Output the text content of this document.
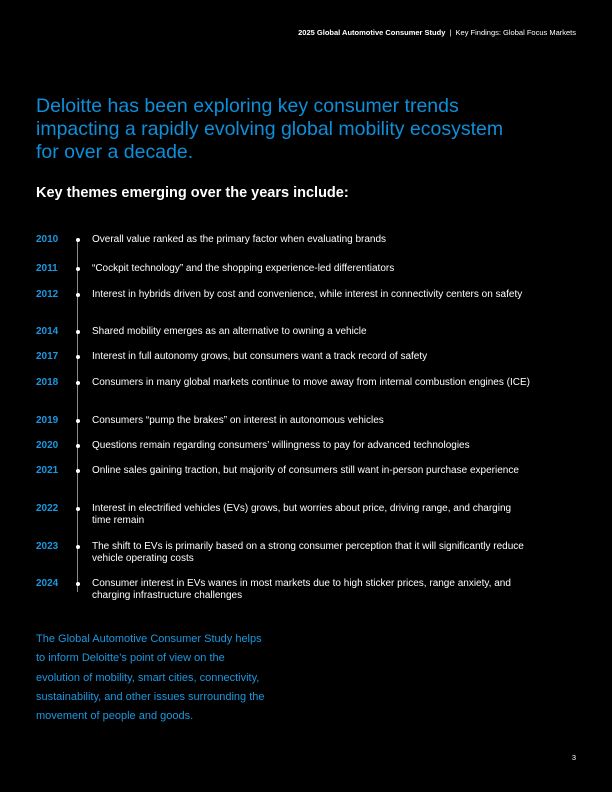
2025 Global Automotive Consumer Study | Key Findings: Global Focus Markets
Deloitte has been exploring key consumer trends impacting a rapidly evolving global mobility ecosystem for over a decade.
Key themes emerging over the years include:
2010	Overall value ranked as the primary factor when evaluating brands
2011	“Cockpit technology” and the shopping experience-led differentiators
2012	Interest in hybrids driven by cost and convenience, while interest in connectivity centers on safety
2014	Shared mobility emerges as an alternative to owning a vehicle
2017	Interest in full autonomy grows, but consumers want a track record of safety
2018	Consumers in many global markets continue to move away from internal combustion engines (ICE)
2019	Consumers “pump the brakes” on interest in autonomous vehicles
2020	Questions remain regarding consumers’ willingness to pay for advanced technologies
2021	Online sales gaining traction, but majority of consumers still want in-person purchase experience
2022	Interest in electrified vehicles (EVs) grows, but worries about price, driving range, and charging time remain
2023	The shift to EVs is primarily based on a strong consumer perception that it will significantly reduce vehicle operating costs
2024	Consumer interest in EVs wanes in most markets due to high sticker prices, range anxiety, and charging infrastructure challenges

The Global Automotive Consumer Study helps to inform Deloitte’s point of view on the evolution of mobility, smart cities, connectivity, sustainability, and other issues surrounding the movement of people and goods.

3
